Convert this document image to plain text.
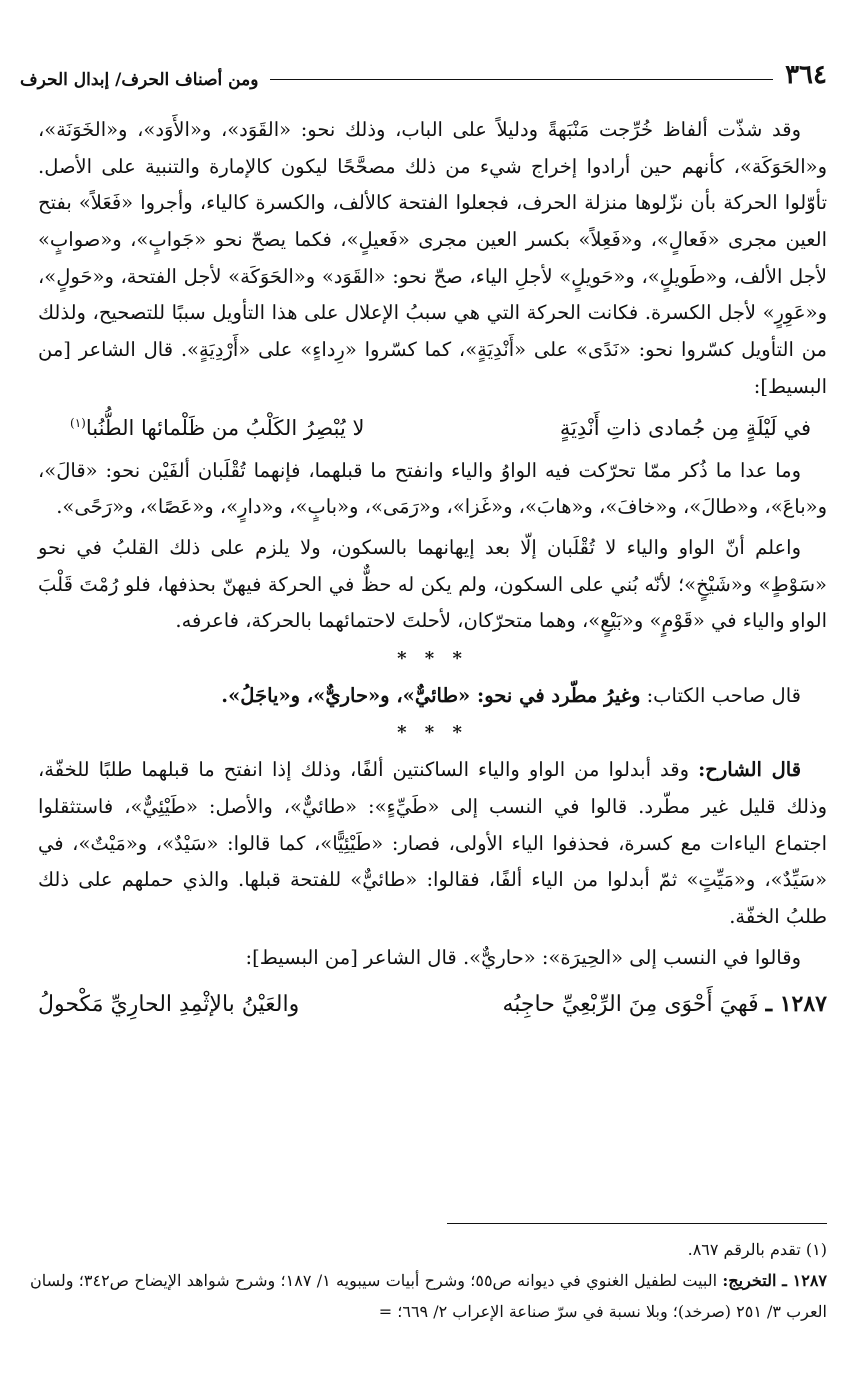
٣٦٤
ومن أصناف الحرف/ إبدال الحرف

وقد شذّت ألفاظ خُرِّجت مَنْبَهةً ودليلاً على الباب، وذلك نحو: «القَوَد»، و«الأَوَد»، و«الخَوَنَة»، و«الحَوَكَة»، كأنهم حين أرادوا إخراج شيء من ذلك مصحَّحًا ليكون كالإمارة والتنبية على الأصل. تأوّلوا الحركة بأن نزّلوها منزلة الحرف، فجعلوا الفتحة كالألف، والكسرة كالياء، وأجروا «فَعَلاً» بفتح العين مجرى «فَعالٍ»، و«فَعِلاً» بكسر العين مجرى «فَعيلٍ»، فكما يصحّ نحو «جَوابٍ»، و«صوابٍ» لأجل الألف، و«طَويلٍ»، و«حَويلٍ» لأجلِ الياء، صحّ نحو: «القَوَد» و«الحَوَكَة» لأجل الفتحة، و«حَولٍ»، و«عَوِرٍ» لأجل الكسرة. فكانت الحركة التي هي سببُ الإعلال على هذا التأويل سببًا للتصحيح، ولذلك من التأويل كسّروا نحو: «نَدًى» على «أَنْدِيَةٍ»، كما كسّروا «رِداءٍ» على «أَرْدِيَةٍ». قال الشاعر [من البسيط]:

في لَيْلَةٍ مِن جُمادى ذاتِ أَنْدِيَةٍ
لا يُبْصِرُ الكَلْبُ من ظَلْمائها الطُّنُبا$^{(١)}$

وما عدا ما ذُكر ممّا تحرّكت فيه الواوُ والياء وانفتح ما قبلهما، فإنهما تُقْلَبان ألفَيْن نحو: «قالَ»، و«باعَ»، و«طالَ»، و«خافَ»، و«هابَ»، و«غَزا»، و«رَمَى»، و«بابٍ»، و«دارٍ»، و«عَصًا»، و«رَحًى».

واعلم أنّ الواو والياء لا تُقْلَبان إلّا بعد إيهانهما بالسكون، ولا يلزم على ذلك القلبُ في نحو «سَوْطٍ» و«شَيْخٍ»؛ لأنّه بُني على السكون، ولم يكن له حظٌّ في الحركة فيهنّ بحذفها، فلو رُمْتَ قَلْبَ الواو والياء في «قَوْمٍ» و«بَيْعٍ»، وهما متحرّكان، لأحلتَ لاحتمائهما بالحركة، فاعرفه.

* * *

قال صاحب الكتاب: وغيرُ مطّرد في نحو: «طائيٌّ»، و«حاريٌّ»، و«ياجَلُ».

* * *

قال الشارح: وقد أبدلوا من الواو والياء الساكنتين ألفًا، وذلك إذا انفتح ما قبلهما طلبًا للخفّة، وذلك قليل غير مطّرد. قالوا في النسب إلى «طَيِّءٍ»: «طائيٌّ»، والأصل: «طَيْئِيٌّ»، فاستثقلوا اجتماع الياءات مع كسرة، فحذفوا الياء الأولى، فصار: «طَيْئِيًّا»، كما قالوا: «سَيْدٌ»، و«مَيْتٌ»، في «سَيِّدٌ»، و«مَيِّتٍ» ثمّ أبدلوا من الياء ألفًا، فقالوا: «طائيٌّ» للفتحة قبلها. والذي حملهم على ذلك طلبُ الخفّة.

وقالوا في النسب إلى «الحِيرَة»: «حاريٌّ». قال الشاعر [من البسيط]:

١٢٨٧ ـ فَهيَ أَحْوَى مِنَ الرِّبْعِيِّ حاجِبُه
والعَيْنُ بالإثْمِدِ الحارِيِّ مَكْحولُ

(١) تقدم بالرقم ٨٦٧.

١٢٨٧ ـ التخريج: البيت لطفيل الغنوي في ديوانه ص٥٥؛ وشرح أبيات سيبويه ١/ ١٨٧؛ وشرح شواهد الإيضاح ص٣٤٢؛ ولسان العرب ٣/ ٢٥١ (صرخد)؛ وبلا نسبة في سرّ صناعة الإعراب ٢/ ٦٦٩؛ =
